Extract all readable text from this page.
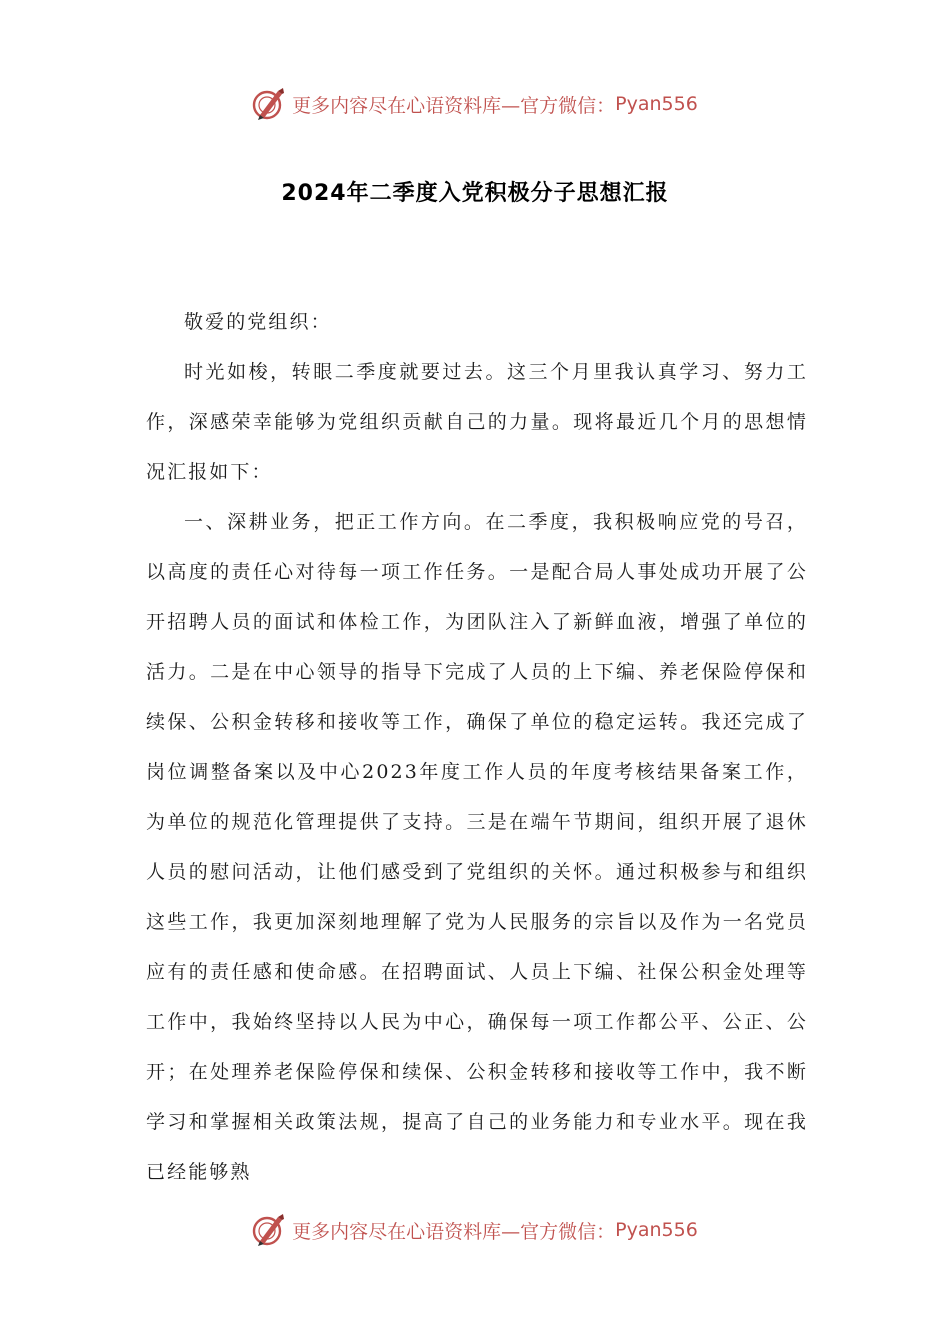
更多内容尽在心语资料库—官方微信： Pyan556
2024年二季度入党积极分子思想汇报

敬爱的党组织：

时光如梭，转眼二季度就要过去。这三个月里我认真学习、努力工作，深感荣幸能够为党组织贡献自己的力量。现将最近几个月的思想情况汇报如下：

一、深耕业务，把正工作方向。在二季度，我积极响应党的号召，以高度的责任心对待每一项工作任务。一是配合局人事处成功开展了公开招聘人员的面试和体检工作，为团队注入了新鲜血液，增强了单位的活力。二是在中心领导的指导下完成了人员的上下编、养老保险停保和续保、公积金转移和接收等工作，确保了单位的稳定运转。我还完成了岗位调整备案以及中心2023年度工作人员的年度考核结果备案工作，为单位的规范化管理提供了支持。三是在端午节期间，组织开展了退休人员的慰问活动，让他们感受到了党组织的关怀。通过积极参与和组织这些工作，我更加深刻地理解了党为人民服务的宗旨以及作为一名党员应有的责任感和使命感。在招聘面试、人员上下编、社保公积金处理等工作中，我始终坚持以人民为中心，确保每一项工作都公平、公正、公开；在处理养老保险停保和续保、公积金转移和接收等工作中，我不断学习和掌握相关政策法规，提高了自己的业务能力和专业水平。现在我已经能够熟

更多内容尽在心语资料库—官方微信： Pyan556
